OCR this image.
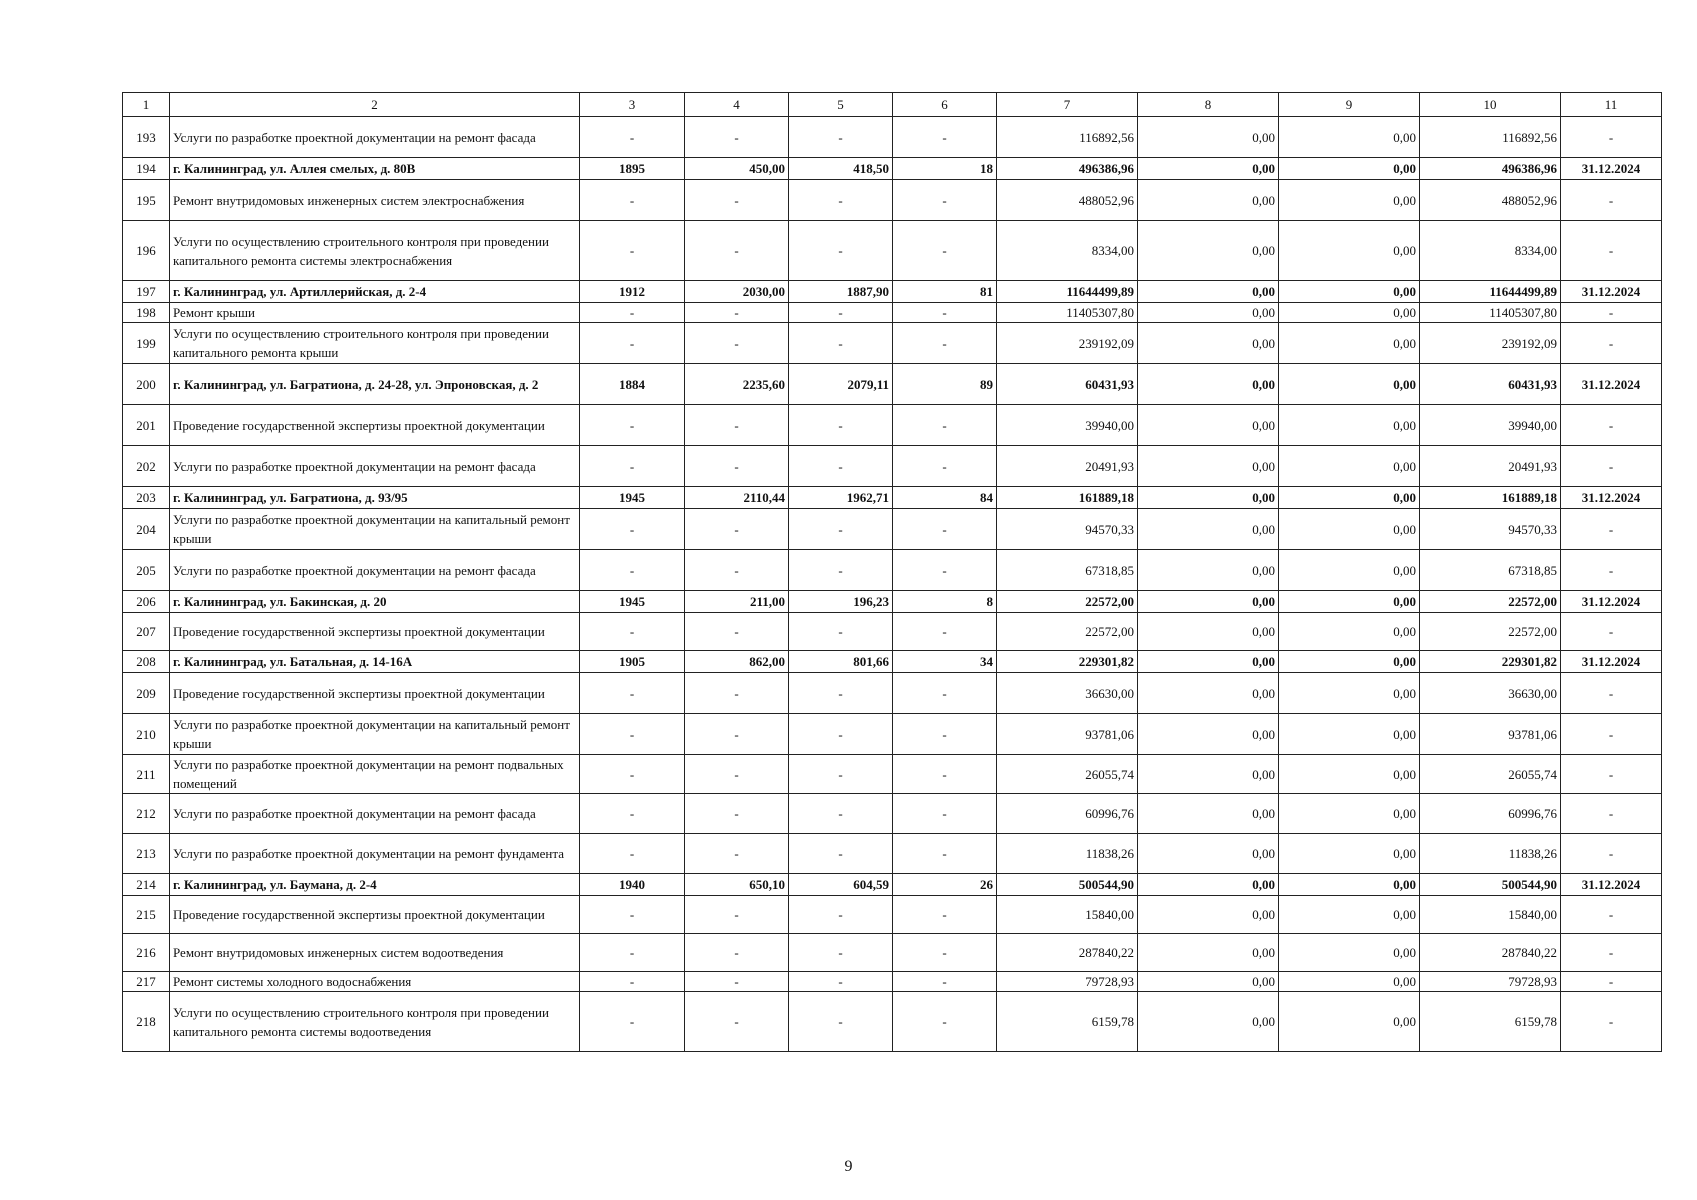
1	2	3	4	5	6	7	8	9	10	11
193	Услуги по разработке проектной документации на ремонт фасада	-	-	-	-	116892,56	0,00	0,00	116892,56	-
194	г. Калининград, ул. Аллея смелых, д. 80В	1895	450,00	418,50	18	496386,96	0,00	0,00	496386,96	31.12.2024
195	Ремонт внутридомовых инженерных систем электроснабжения	-	-	-	-	488052,96	0,00	0,00	488052,96	-
196	Услуги по осуществлению строительного контроля при проведении капитального ремонта системы электроснабжения	-	-	-	-	8334,00	0,00	0,00	8334,00	-
197	г. Калининград, ул. Артиллерийская, д. 2-4	1912	2030,00	1887,90	81	11644499,89	0,00	0,00	11644499,89	31.12.2024
198	Ремонт крыши	-	-	-	-	11405307,80	0,00	0,00	11405307,80	-
199	Услуги по осуществлению строительного контроля при проведении капитального ремонта крыши	-	-	-	-	239192,09	0,00	0,00	239192,09	-
200	г. Калининград, ул. Багратиона, д. 24-28, ул. Эпроновская, д. 2	1884	2235,60	2079,11	89	60431,93	0,00	0,00	60431,93	31.12.2024
201	Проведение государственной экспертизы проектной документации	-	-	-	-	39940,00	0,00	0,00	39940,00	-
202	Услуги по разработке проектной документации на ремонт фасада	-	-	-	-	20491,93	0,00	0,00	20491,93	-
203	г. Калининград, ул. Багратиона, д. 93/95	1945	2110,44	1962,71	84	161889,18	0,00	0,00	161889,18	31.12.2024
204	Услуги по разработке проектной документации на капитальный ремонт крыши	-	-	-	-	94570,33	0,00	0,00	94570,33	-
205	Услуги по разработке проектной документации на ремонт фасада	-	-	-	-	67318,85	0,00	0,00	67318,85	-
206	г. Калининград, ул. Бакинская, д. 20	1945	211,00	196,23	8	22572,00	0,00	0,00	22572,00	31.12.2024
207	Проведение государственной экспертизы проектной документации	-	-	-	-	22572,00	0,00	0,00	22572,00	-
208	г. Калининград, ул. Батальная, д. 14-16А	1905	862,00	801,66	34	229301,82	0,00	0,00	229301,82	31.12.2024
209	Проведение государственной экспертизы проектной документации	-	-	-	-	36630,00	0,00	0,00	36630,00	-
210	Услуги по разработке проектной документации на капитальный ремонт крыши	-	-	-	-	93781,06	0,00	0,00	93781,06	-
211	Услуги по разработке проектной документации на ремонт подвальных помещений	-	-	-	-	26055,74	0,00	0,00	26055,74	-
212	Услуги по разработке проектной документации на ремонт фасада	-	-	-	-	60996,76	0,00	0,00	60996,76	-
213	Услуги по разработке проектной документации на ремонт фундамента	-	-	-	-	11838,26	0,00	0,00	11838,26	-
214	г. Калининград, ул. Баумана, д. 2-4	1940	650,10	604,59	26	500544,90	0,00	0,00	500544,90	31.12.2024
215	Проведение государственной экспертизы проектной документации	-	-	-	-	15840,00	0,00	0,00	15840,00	-
216	Ремонт внутридомовых инженерных систем водоотведения	-	-	-	-	287840,22	0,00	0,00	287840,22	-
217	Ремонт системы холодного водоснабжения	-	-	-	-	79728,93	0,00	0,00	79728,93	-
218	Услуги по осуществлению строительного контроля при проведении капитального ремонта системы водоотведения	-	-	-	-	6159,78	0,00	0,00	6159,78	-
9
